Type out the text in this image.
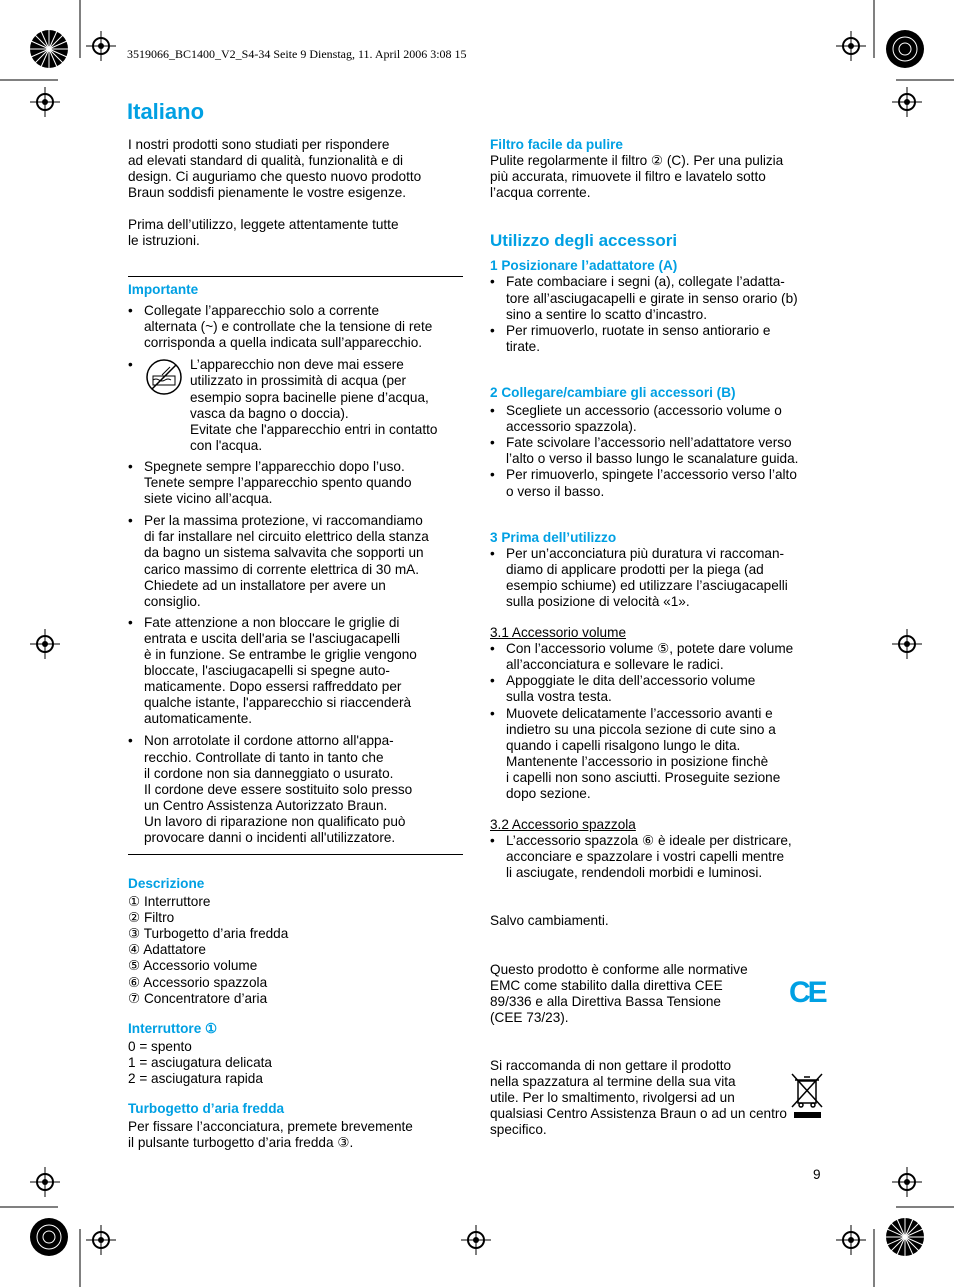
3519066_BC1400_V2_S4-34 Seite 9 Dienstag, 11. April 2006 3:08 15
Italiano

I nostri prodotti sono studiati per rispondere

ad elevati standard di qualità, funzionalità e di

design. Ci auguriamo che questo nuovo prodotto

Braun soddisfi pienamente le vostre esigenze.

Prima dell’utilizzo, leggete attentamente tutte

le istruzioni.

Importante

• Collegate l’apparecchio solo a corrente

alternata (~) e controllate che la tensione di rete

corrisponda a quella indicata sull’apparecchio.

• L’apparecchio non deve mai essere

utilizzato in prossimità di acqua (per

esempio sopra bacinelle piene d’acqua,

vasca da bagno o doccia).

Evitate che l'apparecchio entri in contatto

con l'acqua.

• Spegnete sempre l’apparecchio dopo l’uso.

Tenete sempre l’apparecchio spento quando

siete vicino all’acqua.

• Per la massima protezione, vi raccomandiamo

di far installare nel circuito elettrico della stanza

da bagno un sistema salvavita che sopporti un

carico massimo di corrente elettrica di 30 mA.

Chiedete ad un installatore per avere un

consiglio.

• Fate attenzione a non bloccare le griglie di

entrata e uscita dell'aria se l'asciugacapelli

è in funzione. Se entrambe le griglie vengono

bloccate, l'asciugacapelli si spegne auto-

maticamente. Dopo essersi raffreddato per

qualche istante, l'apparecchio si riaccenderà

automaticamente.

• Non arrotolate il cordone attorno all'appa-

recchio. Controllate di tanto in tanto che

il cordone non sia danneggiato o usurato.

Il cordone deve essere sostituito solo presso

un Centro Assistenza Autorizzato Braun.

Un lavoro di riparazione non qualificato può

provocare danni o incidenti all'utilizzatore.

Descrizione

① Interruttore

② Filtro

③ Turbogetto d’aria fredda

④ Adattatore

⑤ Accessorio volume

⑥ Accessorio spazzola

⑦ Concentratore d’aria

Interruttore ①

0 = spento

1 = asciugatura delicata

2 = asciugatura rapida

Turbogetto d’aria fredda

Per fissare l’acconciatura, premete brevemente

il pulsante turbogetto d’aria fredda ③.

Filtro facile da pulire

Pulite regolarmente il filtro ② (C). Per una pulizia

più accurata, rimuovete il filtro e lavatelo sotto

l’acqua corrente.

Utilizzo degli accessori

1 Posizionare l’adattatore (A)

• Fate combaciare i segni (a), collegate l’adatta-

tore all’asciugacapelli e girate in senso orario (b)

sino a sentire lo scatto d’incastro.

• Per rimuoverlo, ruotate in senso antiorario e

tirate.

2 Collegare/cambiare gli accessori (B)

• Scegliete un accessorio (accessorio volume o

accessorio spazzola).

• Fate scivolare l’accessorio nell’adattatore verso

l’alto o verso il basso lungo le scanalature guida.

• Per rimuoverlo, spingete l’accessorio verso l’alto

o verso il basso.

3 Prima dell’utilizzo

• Per un’acconciatura più duratura vi raccoman-

diamo di applicare prodotti per la piega (ad

esempio schiume) ed utilizzare l’asciugacapelli

sulla posizione di velocità «1».

3.1 Accessorio volume

• Con l’accessorio volume ⑤, potete dare volume

all’acconciatura e sollevare le radici.

• Appoggiate le dita dell’accessorio volume

sulla vostra testa.

• Muovete delicatamente l’accessorio avanti e

indietro su una piccola sezione di cute sino a

quando i capelli risalgono lungo le dita.

Mantenente l’accessorio in posizione finchè

i capelli non sono asciutti. Proseguite sezione

dopo sezione.

3.2 Accessorio spazzola

• L’accessorio spazzola ⑥ è ideale per districare,

acconciare e spazzolare i vostri capelli mentre

li asciugate, rendendoli morbidi e luminosi.

Salvo cambiamenti.

Questo prodotto è conforme alle normative

EMC come stabilito dalla direttiva CEE

89/336 e alla Direttiva Bassa Tensione

(CEE 73/23).

Si raccomanda di non gettare il prodotto

nella spazzatura al termine della sua vita

utile. Per lo smaltimento, rivolgersi ad un

qualsiasi Centro Assistenza Braun o ad un centro

specifico.

CE
9
